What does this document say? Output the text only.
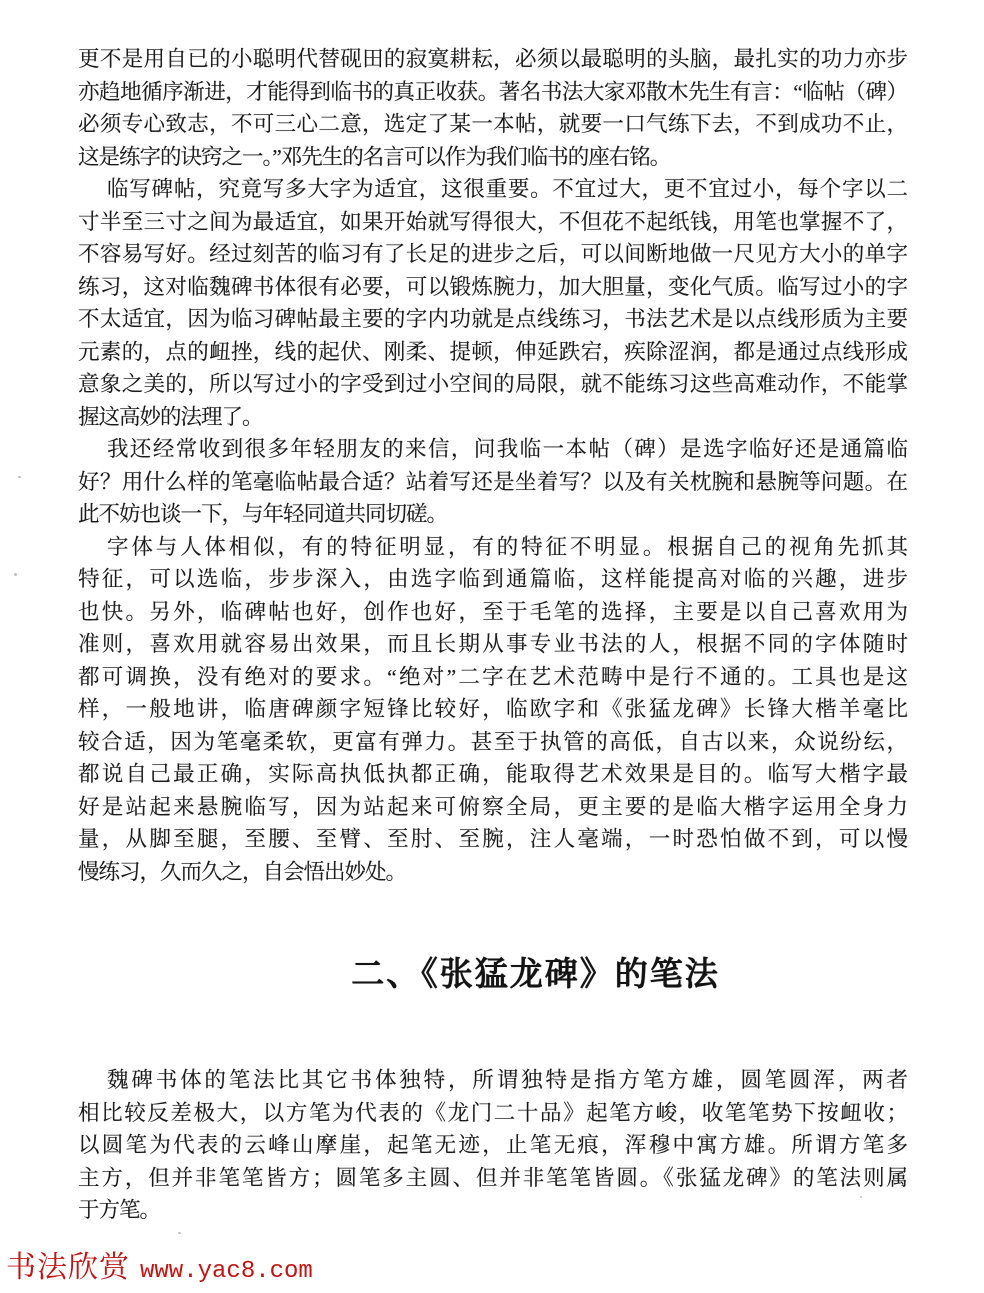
更不是用自已的小聪明代替砚田的寂寞耕耘，必须以最聪明的头脑，最扎实的功力亦步
亦趋地循序渐进，才能得到临书的真正收获。著名书法大家邓散木先生有言：“临帖（碑）
必须专心致志，不可三心二意，选定了某一本帖，就要一口气练下去，不到成功不止，
这是练字的诀窍之一。”邓先生的名言可以作为我们临书的座右铭。
临写碑帖，究竟写多大字为适宜，这很重要。不宜过大，更不宜过小，每个字以二
寸半至三寸之间为最适宜，如果开始就写得很大，不但花不起纸钱，用笔也掌握不了，
不容易写好。经过刻苦的临习有了长足的进步之后，可以间断地做一尺见方大小的单字
练习，这对临魏碑书体很有必要，可以锻炼腕力，加大胆量，变化气质。临写过小的字
不太适宜，因为临习碑帖最主要的字内功就是点线练习，书法艺术是以点线形质为主要
元素的，点的衄挫，线的起伏、刚柔、提顿，伸延跌宕，疾除涩润，都是通过点线形成
意象之美的，所以写过小的字受到过小空间的局限，就不能练习这些高难动作，不能掌
握这高妙的法理了。
我还经常收到很多年轻朋友的来信，问我临一本帖（碑）是选字临好还是通篇临
好？用什么样的笔毫临帖最合适？站着写还是坐着写？以及有关枕腕和悬腕等问题。在
此不妨也谈一下，与年轻同道共同切磋。
字体与人体相似，有的特征明显，有的特征不明显。根据自己的视角先抓其
特征，可以选临，步步深入，由选字临到通篇临，这样能提高对临的兴趣，进步
也快。另外，临碑帖也好，创作也好，至于毛笔的选择，主要是以自己喜欢用为
准则，喜欢用就容易出效果，而且长期从事专业书法的人，根据不同的字体随时
都可调换，没有绝对的要求。“绝对”二字在艺术范畴中是行不通的。工具也是这
样，一般地讲，临唐碑颜字短锋比较好，临欧字和《张猛龙碑》长锋大楷羊毫比
较合适，因为笔毫柔软，更富有弹力。甚至于执管的高低，自古以来，众说纷纭，
都说自己最正确，实际高执低执都正确，能取得艺术效果是目的。临写大楷字最
好是站起来悬腕临写，因为站起来可俯察全局，更主要的是临大楷字运用全身力
量，从脚至腿，至腰、至臂、至肘、至腕，注人毫端，一时恐怕做不到，可以慢
慢练习，久而久之，自会悟出妙处。
二、《张猛龙碑》的笔法
魏碑书体的笔法比其它书体独特，所谓独特是指方笔方雄，圆笔圆浑，两者
相比较反差极大，以方笔为代表的《龙门二十品》起笔方峻，收笔笔势下按衄收；
以圆笔为代表的云峰山摩崖，起笔无迹，止笔无痕，浑穆中寓方雄。所谓方笔多
主方，但并非笔笔皆方；圆笔多主圆、但并非笔笔皆圆。《张猛龙碑》的笔法则属
于方笔。
书法欣赏 www.yac8.com
